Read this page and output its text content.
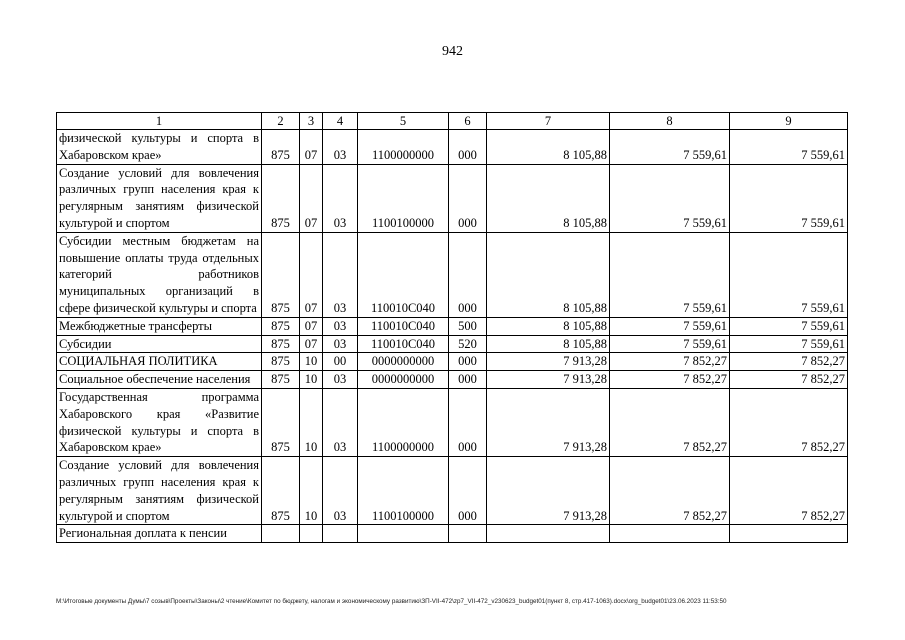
942
1	2	3	4	5	6	7	8	9
физической культуры и спорта в Хабаровском крае»	875	07	03	1100000000	000	8 105,88	7 559,61	7 559,61
Создание условий для вовлечения различных групп населения края к регулярным занятиям физической культурой и спортом	875	07	03	1100100000	000	8 105,88	7 559,61	7 559,61
Субсидии местным бюджетам на повышение оплаты труда отдельных категорий работников муниципальных организаций в сфере физической культуры и спорта	875	07	03	110010С040	000	8 105,88	7 559,61	7 559,61
Межбюджетные трансферты	875	07	03	110010С040	500	8 105,88	7 559,61	7 559,61
Субсидии	875	07	03	110010С040	520	8 105,88	7 559,61	7 559,61
СОЦИАЛЬНАЯ ПОЛИТИКА	875	10	00	0000000000	000	7 913,28	7 852,27	7 852,27
Социальное обеспечение населения	875	10	03	0000000000	000	7 913,28	7 852,27	7 852,27
Государственная программа Хабаровского края «Развитие физической культуры и спорта в Хабаровском крае»	875	10	03	1100000000	000	7 913,28	7 852,27	7 852,27
Создание условий для вовлечения различных групп населения края к регулярным занятиям физической культурой и спортом	875	10	03	1100100000	000	7 913,28	7 852,27	7 852,27
Региональная доплата к пенсии								
M:\Итоговые документы Думы\7 созыв\Проекты\Законы\2 чтение\Комитет по бюджету, налогам и экономическому развитию\ЗП-VII-472\zp7_VII-472_v230623_budget01(пункт 8, стр.417-1063).docx\org_budget01\23.06.2023 11:53:50
